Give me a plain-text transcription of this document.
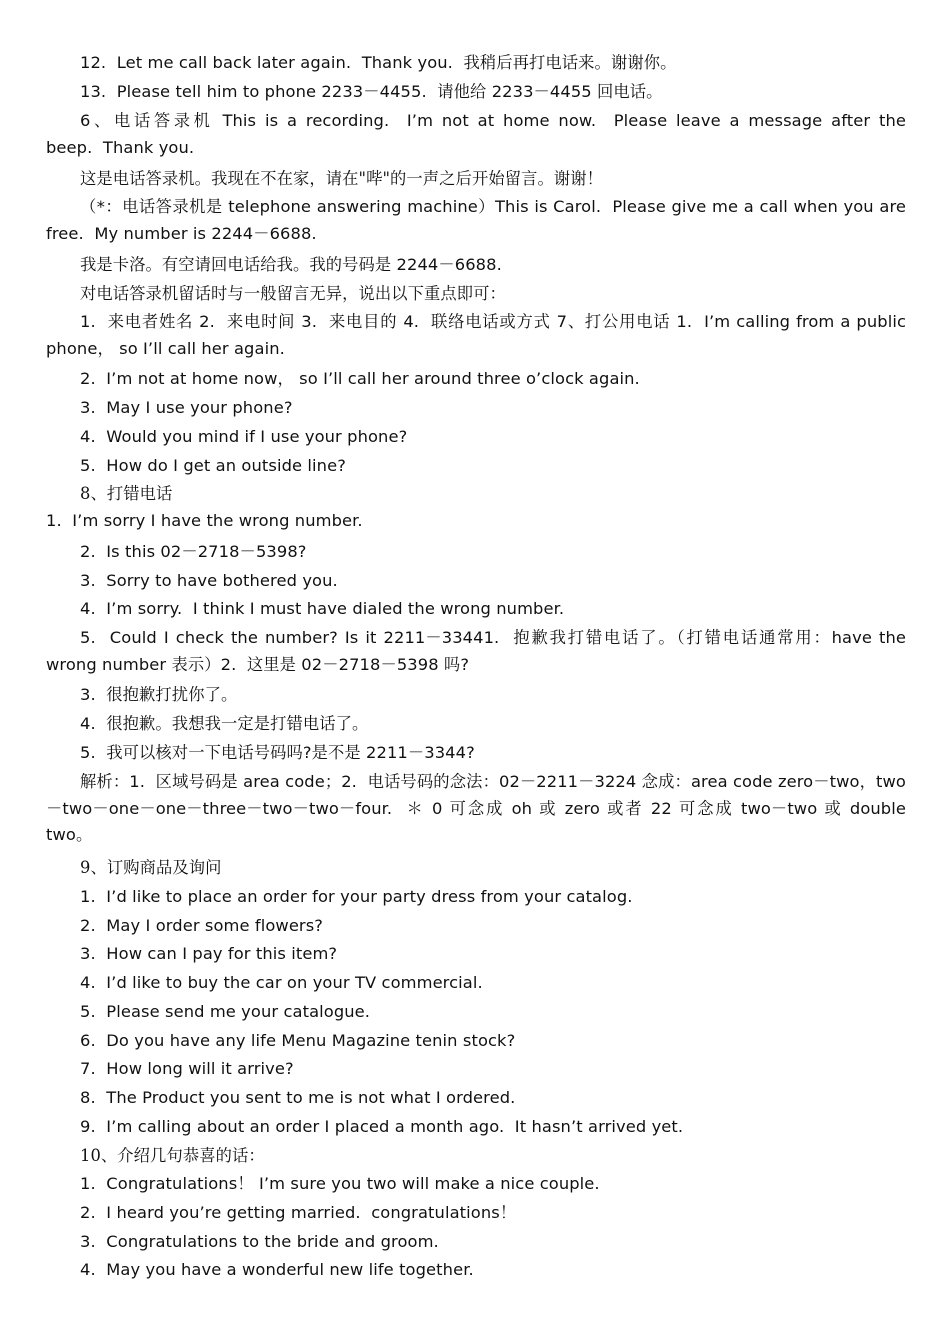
12.  Let me call back later again.  Thank you.  我稍后再打电话来。谢谢你。
13.  Please tell him to phone 2233－4455.  请他给 2233－4455 回电话。
6、电话答录机 This is a recording.  I’m not at home now.  Please leave a message after the beep.  Thank you.
这是电话答录机。我现在不在家，请在"哔"的一声之后开始留言。谢谢！
（*：电话答录机是 telephone answering machine）This is Carol.  Please give me a call when you are free.  My number is 2244－6688.
我是卡洛。有空请回电话给我。我的号码是 2244－6688.
对电话答录机留话时与一般留言无异，说出以下重点即可：
1.  来电者姓名 2.  来电时间 3.  来电目的 4.  联络电话或方式 7、打公用电话 1.  I’m calling from a public phone， so I’ll call her again.
2.  I’m not at home now， so I’ll call her around three o’clock again.
3.  May I use your phone?
4.  Would you mind if I use your phone?
5.  How do I get an outside line?
8、打错电话
1.  I’m sorry I have the wrong number.
2.  Is this 02－2718－5398?
3.  Sorry to have bothered you.
4.  I’m sorry.  I think I must have dialed the wrong number.
5.  Could I check the number? Is it 2211－33441.  抱歉我打错电话了。（打错电话通常用：have the wrong number 表示）2.  这里是 02－2718－5398 吗?
3.  很抱歉打扰你了。
4.  很抱歉。我想我一定是打错电话了。
5.  我可以核对一下电话号码吗?是不是 2211－3344?
解析：1.  区域号码是 area code；2.  电话号码的念法：02－2211－3224 念成：area code zero－two，two－two－one－one－three－two－two－four.  ＊ 0 可念成 oh 或 zero 或者 22 可念成 two－two 或 double two。
9、订购商品及询问
1.  I’d like to place an order for your party dress from your catalog.
2.  May I order some flowers?
3.  How can I pay for this item?
4.  I’d like to buy the car on your TV commercial.
5.  Please send me your catalogue.
6.  Do you have any life Menu Magazine tenin stock?
7.  How long will it arrive?
8.  The Product you sent to me is not what I ordered.
9.  I’m calling about an order I placed a month ago.  It hasn’t arrived yet.
10、介绍几句恭喜的话：
1.  Congratulations！ I’m sure you two will make a nice couple.
2.  I heard you’re getting married.  congratulations！
3.  Congratulations to the bride and groom.
4.  May you have a wonderful new life together.
